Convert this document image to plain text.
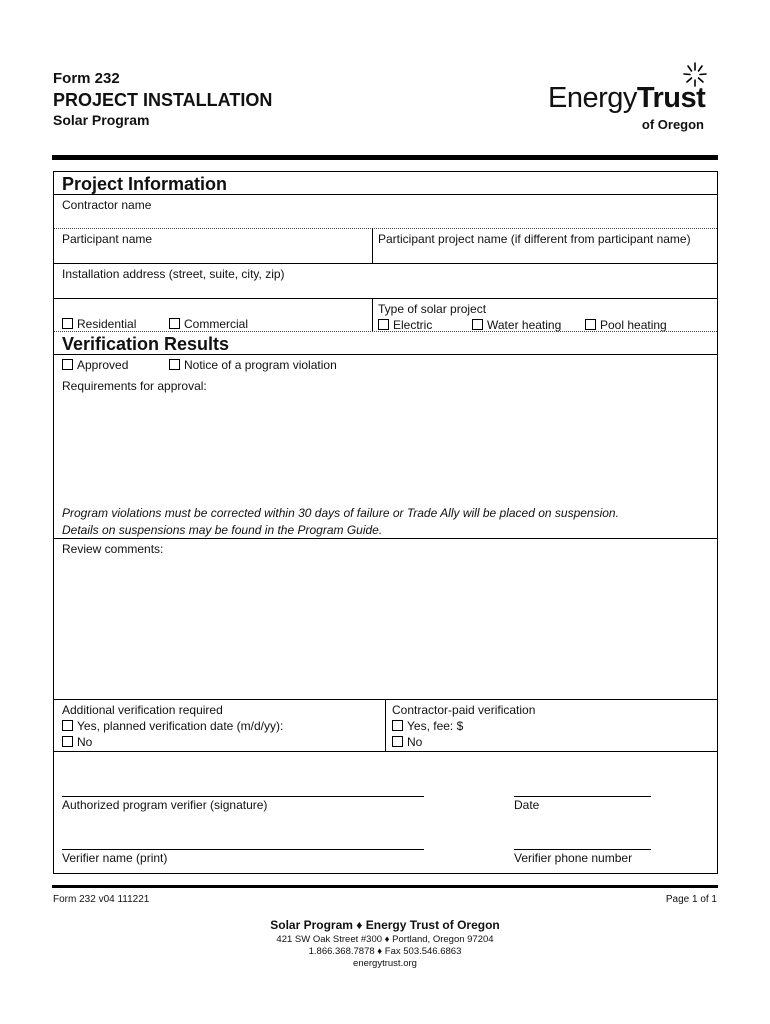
Form 232
PROJECT INSTALLATION
Solar Program
EnergyTrust
of Oregon
Project Information
Contractor name
Participant name	Participant project name (if different from participant name)
Installation address (street, suite, city, zip)
Residential	Commercial
Type of solar project
Electric	Water heating	Pool heating
Verification Results
Approved	Notice of a program violation
Requirements for approval:
Program violations must be corrected within 30 days of failure or Trade Ally will be placed on suspension.
Details on suspensions may be found in the Program Guide.
Review comments:
Additional verification required
Yes, planned verification date (m/d/yy):
No
Contractor-paid verification
Yes, fee: $
No
Authorized program verifier (signature)	Date
Verifier name (print)	Verifier phone number
Form 232 v04 111221	Page 1 of 1
Solar Program ♦ Energy Trust of Oregon
421 SW Oak Street #300 ♦ Portland, Oregon 97204
1.866.368.7878 ♦ Fax 503.546.6863
energytrust.org
